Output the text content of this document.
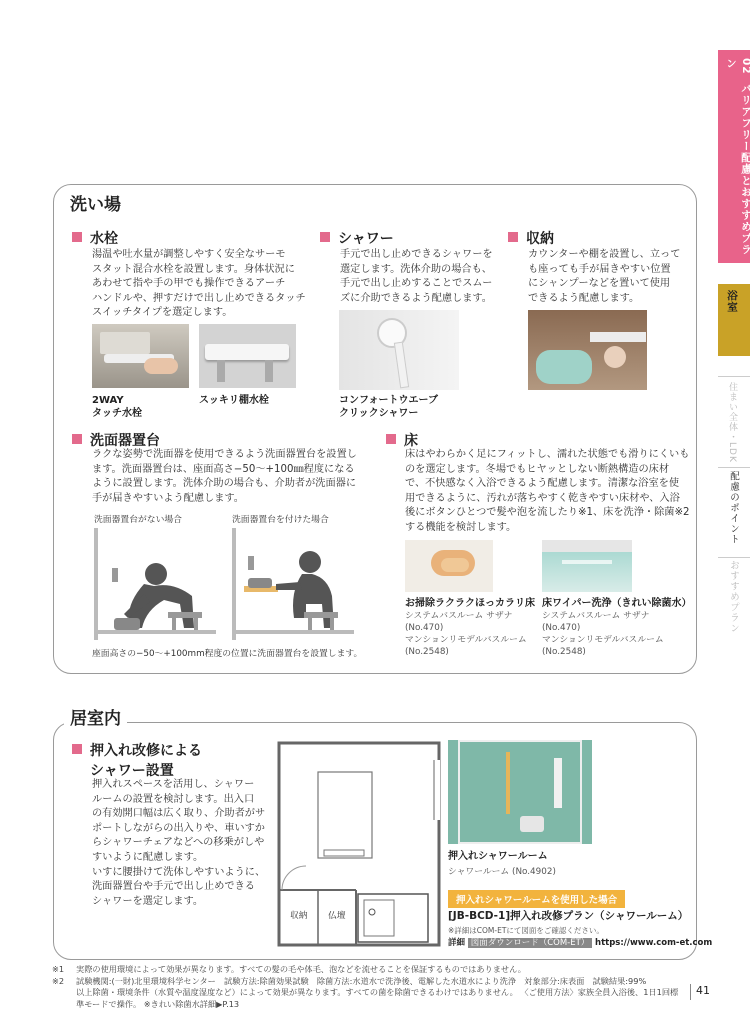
02 バリアフリー配慮とおすすめプラン
浴室
住まい全体・LDK
配慮のポイント
おすすめプラン
洗い場
水栓
湯温や吐水量が調整しやすく安全なサーモ
スタット混合水栓を設置します。身体状況に
あわせて指や手の甲でも操作できるアーチ
ハンドルや、押すだけで出し止めできるタッチ
スイッチタイプを選定します。
2WAY
タッチ水栓
スッキリ棚水栓
シャワー
手元で出し止めできるシャワーを
選定します。洗体介助の場合も、
手元で出し止めすることでスムー
ズに介助できるよう配慮します。
コンフォートウエーブ
クリックシャワー
収納
カウンターや棚を設置し、立って
も座っても手が届きやすい位置
にシャンプーなどを置いて使用
できるよう配慮します。
洗面器置台
ラクな姿勢で洗面器を使用できるよう洗面器置台を設置し
ます。洗面器置台は、座面高さ−50～+100㎜程度になる
ように設置します。洗体介助の場合も、介助者が洗面器に
手が届きやすいよう配慮します。
洗面器置台がない場合	洗面器置台を付けた場合
座面高さの−50～+100mm程度の位置に洗面器置台を設置します。
床
床はやわらかく足にフィットし、濡れた状態でも滑りにくいも
のを選定します。冬場でもヒヤッとしない断熱構造の床材
で、不快感なく入浴できるよう配慮します。清潔な浴室を使
用できるように、汚れが落ちやすく乾きやすい床材や、入浴
後にボタンひとつで髪や泡を流したり※1、床を洗浄・除菌※2
する機能を検討します。
お掃除ラクラクほっカラリ床
システムバスルーム サザナ
(No.470)
マンションリモデルバスルーム
(No.2548)
床ワイパー洗浄（きれい除菌水）
システムバスルーム サザナ
(No.470)
マンションリモデルバスルーム
(No.2548)
居室内
押入れ改修による
シャワー設置
押入れスペースを活用し、シャワー
ルームの設置を検討します。出入口
の有効開口幅は広く取り、介助者がサ
ポートしながらの出入りや、車いすか
らシャワーチェアなどへの移乗がしや
すいように配慮します。
いすに腰掛けて洗体しやすいように、
洗面器置台や手元で出し止めできる
シャワーを選定します。
収納 仏壇
押入れシャワールーム
シャワールーム (No.4902)
押入れシャワールームを使用した場合
[JB-BCD-1]押入れ改修プラン（シャワールーム）
※詳細はCOM-ETにて図面をご確認ください。
詳細 図面ダウンロード（COM-ET） https://www.com-et.com
※1	実際の使用環境によって効果が異なります。すべての髪の毛や体毛、泡などを流せることを保証するものではありません。
※2	試験機関:(一財)北里環境科学センター　試験方法:除菌効果試験　除菌方法:水道水で洗浄後、電解した水道水により洗浄　対象部分:床表面　試験結果:99%
以上除菌・環境条件（水質や温度湿度など）によって効果が異なります。すべての菌を除菌できるわけではありません。 〈ご使用方法〉家族全員入浴後、1日1回標
準モードで操作。 ※きれい除菌水詳細▶P.13
41
